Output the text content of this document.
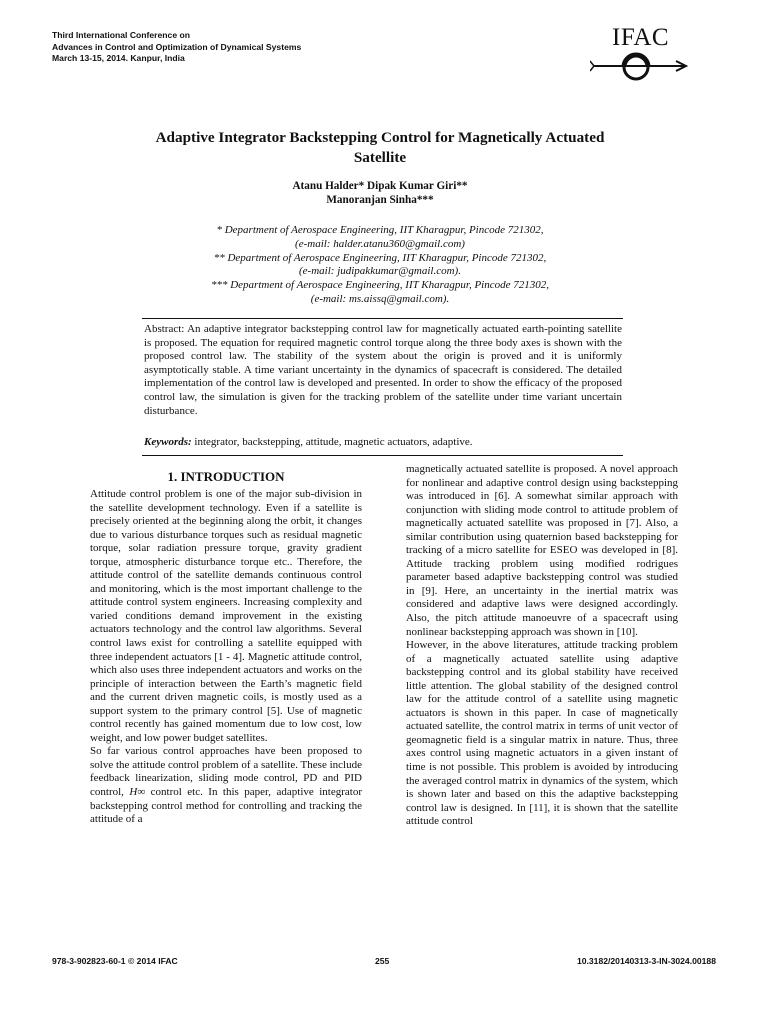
Third International Conference on
Advances in Control and Optimization of Dynamical Systems
March 13-15, 2014. Kanpur, India
IFAC
Adaptive Integrator Backstepping Control for Magnetically Actuated
Satellite
Atanu Halder* Dipak Kumar Giri**
Manoranjan Sinha***
* Department of Aerospace Engineering, IIT Kharagpur, Pincode 721302,
(e-mail: halder.atanu360@gmail.com)
** Department of Aerospace Engineering, IIT Kharagpur, Pincode 721302,
(e-mail: judipakkumar@gmail.com).
*** Department of Aerospace Engineering, IIT Kharagpur, Pincode 721302,
(e-mail: ms.aissq@gmail.com).
Abstract: An adaptive integrator backstepping control law for magnetically actuated earth-pointing satellite is proposed. The equation for required magnetic control torque along the three body axes is shown with the proposed control law. The stability of the system about the origin is proved and it is uniformly asymptotically stable. A time variant uncertainty in the dynamics of spacecraft is considered. The detailed implementation of the control law is developed and presented. In order to show the efficacy of the proposed control law, the simulation is given for the tracking problem of the satellite under time variant uncertain disturbance.
Keywords: integrator, backstepping, attitude, magnetic actuators, adaptive.
1. INTRODUCTION

Attitude control problem is one of the major sub-division in the satellite development technology. Even if a satellite is precisely oriented at the beginning along the orbit, it changes due to various disturbance torques such as residual magnetic torque, solar radiation pressure torque, gravity gradient torque, atmospheric disturbance torque etc.. Therefore, the attitude control of the satellite demands continuous control and monitoring, which is the most important challenge to the attitude control system engineers. Increasing complexity and varied conditions demand improvement in the existing actuators technology and the control law algorithms. Several control laws exist for controlling a satellite equipped with three independent actuators [1 - 4]. Magnetic attitude control, which also uses three independent actuators and works on the principle of interaction between the Earth’s magnetic field and the current driven magnetic coils, is mostly used as a support system to the primary control [5]. Use of magnetic control recently has gained momentum due to low cost, low weight, and low power budget satellites.

So far various control approaches have been proposed to solve the attitude control problem of a satellite. These include feedback linearization, sliding mode control, PD and PID control, H∞ control etc. In this paper, adaptive integrator backstepping control method for controlling and tracking the attitude of a

magnetically actuated satellite is proposed. A novel approach for nonlinear and adaptive control design using backstepping was introduced in [6]. A somewhat similar approach with conjunction with sliding mode control to attitude problem of magnetically actuated satellite was proposed in [7]. Also, a similar contribution using quaternion based backstepping for tracking of a micro satellite for ESEO was developed in [8]. Attitude tracking problem using modified rodrigues parameter based adaptive backstepping control was studied in [9]. Here, an uncertainty in the inertial matrix was considered and adaptive laws were designed accordingly. Also, the pitch attitude manoeuvre of a spacecraft using nonlinear backstepping approach was shown in [10].

However, in the above literatures, attitude tracking problem of a magnetically actuated satellite using adaptive backstepping control and its global stability have received little attention. The global stability of the designed control law for the attitude control of a satellite using magnetic actuators is shown in this paper. In case of magnetically actuated satellite, the control matrix in terms of unit vector of geomagnetic field is a singular matrix in nature. Thus, three axes control using magnetic actuators in a given instant of time is not possible. This problem is avoided by introducing the averaged control matrix in dynamics of the system, which is shown later and based on this the adaptive backstepping control law is designed. In [11], it is shown that the satellite attitude control

978-3-902823-60-1 © 2014 IFAC	255	10.3182/20140313-3-IN-3024.00188
